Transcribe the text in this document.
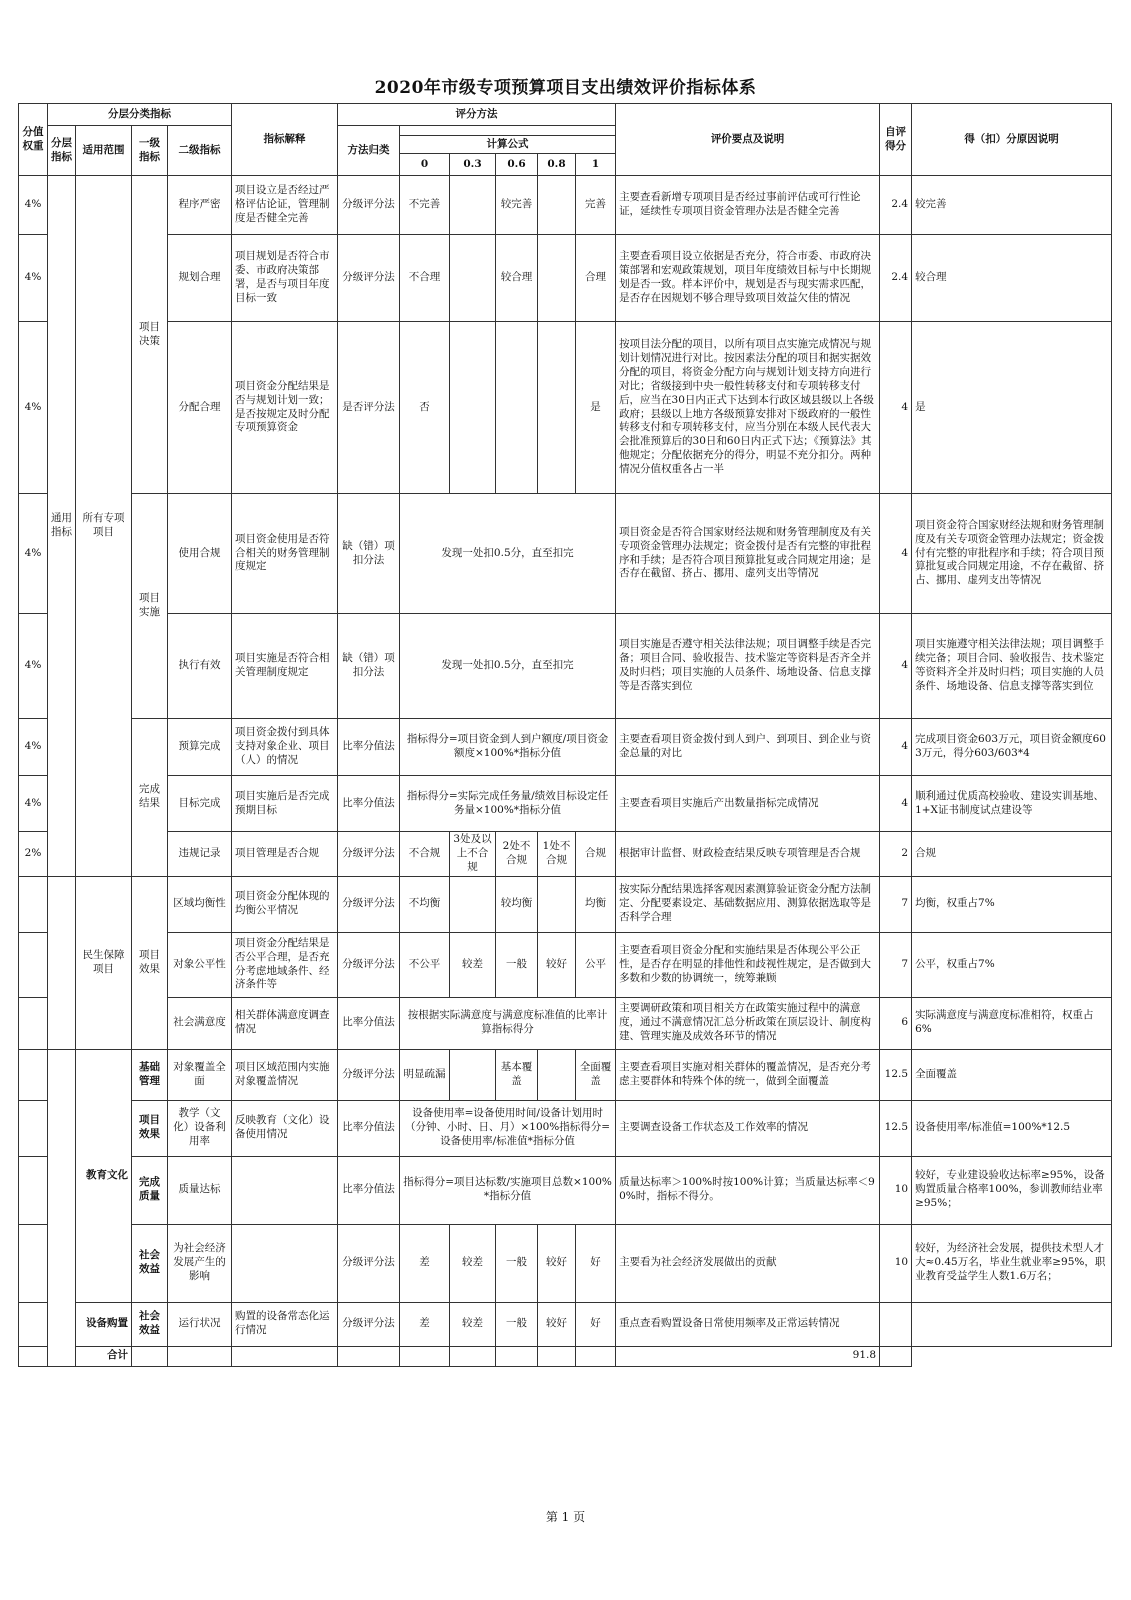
2020年市级专项预算项目支出绩效评价指标体系
分值权重	分层分类指标				指标解释	评分方法						评价要点及说明	自评得分	得（扣）分原因说明
	分层指标	适用范围	一级指标	二级指标		方法归类								
							计算公式							
							0	0.3	0.6	0.8	1			
4%	通用指标	所有专项项目	项目决策	程序严密	项目设立是否经过严格评估论证，管理制度是否健全完善	分级评分法	不完善		较完善		完善	主要查看新增专项项目是否经过事前评估或可行性论证，延续性专项项目资金管理办法是否健全完善	2.4	较完善
4%				规划合理	项目规划是否符合市委、市政府决策部署，是否与项目年度目标一致	分级评分法	不合理		较合理		合理	主要查看项目设立依据是否充分，符合市委、市政府决策部署和宏观政策规划，项目年度绩效目标与中长期规划是否一致。样本评价中，规划是否与现实需求匹配，是否存在因规划不够合理导致项目效益欠佳的情况	2.4	较合理
4%				分配合理	项目资金分配结果是否与规划计划一致；是否按规定及时分配专项预算资金	是否评分法	否				是	按项目法分配的项目，以所有项目点实施完成情况与规划计划情况进行对比。按因素法分配的项目和据实据效分配的项目，将资金分配方向与规划计划支持方向进行对比；省级接到中央一般性转移支付和专项转移支付后，应当在30日内正式下达到本行政区域县级以上各级政府；县级以上地方各级预算安排对下级政府的一般性转移支付和专项转移支付，应当分别在本级人民代表大会批准预算后的30日和60日内正式下达；《预算法》其他规定；分配依据充分的得分，明显不充分扣分。两种情况分值权重各占一半	4	是
4%			项目实施	使用合规	项目资金使用是否符合相关的财务管理制度规定	缺（错）项扣分法	发现一处扣0.5分，直至扣完					项目资金是否符合国家财经法规和财务管理制度及有关专项资金管理办法规定；资金拨付是否有完整的审批程序和手续；是否符合项目预算批复或合同规定用途；是否存在截留、挤占、挪用、虚列支出等情况	4	项目资金符合国家财经法规和财务管理制度及有关专项资金管理办法规定；资金拨付有完整的审批程序和手续；符合项目预算批复或合同规定用途，不存在截留、挤占、挪用、虚列支出等情况
4%				执行有效	项目实施是否符合相关管理制度规定	缺（错）项扣分法	发现一处扣0.5分，直至扣完					项目实施是否遵守相关法律法规；项目调整手续是否完备；项目合同、验收报告、技术鉴定等资料是否齐全并及时归档；项目实施的人员条件、场地设备、信息支撑等是否落实到位	4	项目实施遵守相关法律法规；项目调整手续完备；项目合同、验收报告、技术鉴定等资料齐全并及时归档；项目实施的人员条件、场地设备、信息支撑等落实到位
4%			完成结果	预算完成	项目资金拨付到具体支持对象企业、项目（人）的情况	比率分值法	指标得分=项目资金到人到户额度/项目资金额度×100%*指标分值					主要查看项目资金拨付到人到户、到项目、到企业与资金总量的对比	4	完成项目资金603万元，项目资金额度603万元，得分603/603*4
4%				目标完成	项目实施后是否完成预期目标	比率分值法	指标得分=实际完成任务量/绩效目标设定任务量×100%*指标分值					主要查看项目实施后产出数量指标完成情况	4	顺利通过优质高校验收、建设实训基地、1+X证书制度试点建设等
2%				违规记录	项目管理是否合规	分级评分法	不合规	3处及以上不合规	2处不合规	1处不合规	合规	根据审计监督、财政检查结果反映专项管理是否合规	2	合规
		民生保障项目	项目效果	区域均衡性	项目资金分配体现的均衡公平情况	分级评分法	不均衡		较均衡		均衡	按实际分配结果选择客观因素测算验证资金分配方法制定、分配要素设定、基础数据应用、测算依据选取等是否科学合理	7	均衡，权重占7%
				对象公平性	项目资金分配结果是否公平合理，是否充分考虑地域条件、经济条件等	分级评分法	不公平	较差	一般	较好	公平	主要查看项目资金分配和实施结果是否体现公平公正性，是否存在明显的排他性和歧视性规定，是否做到大多数和少数的协调统一，统筹兼顾	7	公平，权重占7%
				社会满意度	相关群体满意度调查情况	比率分值法	按根据实际满意度与满意度标准值的比率计算指标得分					主要调研政策和项目相关方在政策实施过程中的满意度，通过不满意情况汇总分析政策在顶层设计、制度构建、管理实施及成效各环节的情况	6	实际满意度与满意度标准相符，权重占6%
		教育文化	基础管理	对象覆盖全面	项目区域范围内实施对象覆盖情况	分级评分法	明显疏漏		基本覆盖		全面覆盖	主要查看项目实施对相关群体的覆盖情况，是否充分考虑主要群体和特殊个体的统一，做到全面覆盖	12.5	全面覆盖
			项目效果	教学（文化）设备利用率	反映教育（文化）设备使用情况	比率分值法	设备使用率=设备使用时间/设备计划用时（分钟、小时、日、月）×100%指标得分=设备使用率/标准值*指标分值					主要调查设备工作状态及工作效率的情况	12.5	设备使用率/标准值=100%*12.5
			完成质量	质量达标		比率分值法	指标得分=项目达标数/实施项目总数×100%*指标分值					质量达标率＞100%时按100%计算；当质量达标率＜90%时，指标不得分。	10	较好，专业建设验收达标率≥95%，设备购置质量合格率100%，参训教师结业率≥95%；
			社会效益	为社会经济发展产生的影响		分级评分法	差	较差	一般	较好	好	主要看为社会经济发展做出的贡献	10	较好，为经济社会发展，提供技术型人才大≈0.45万名，毕业生就业率≥95%，职业教育受益学生人数1.6万名；
		设备购置	社会效益	运行状况	购置的设备常态化运行情况	分级评分法	差	较差	一般	较好	好	重点查看购置设备日常使用频率及正常运转情况		
		合计										91.8		
第 1 页
